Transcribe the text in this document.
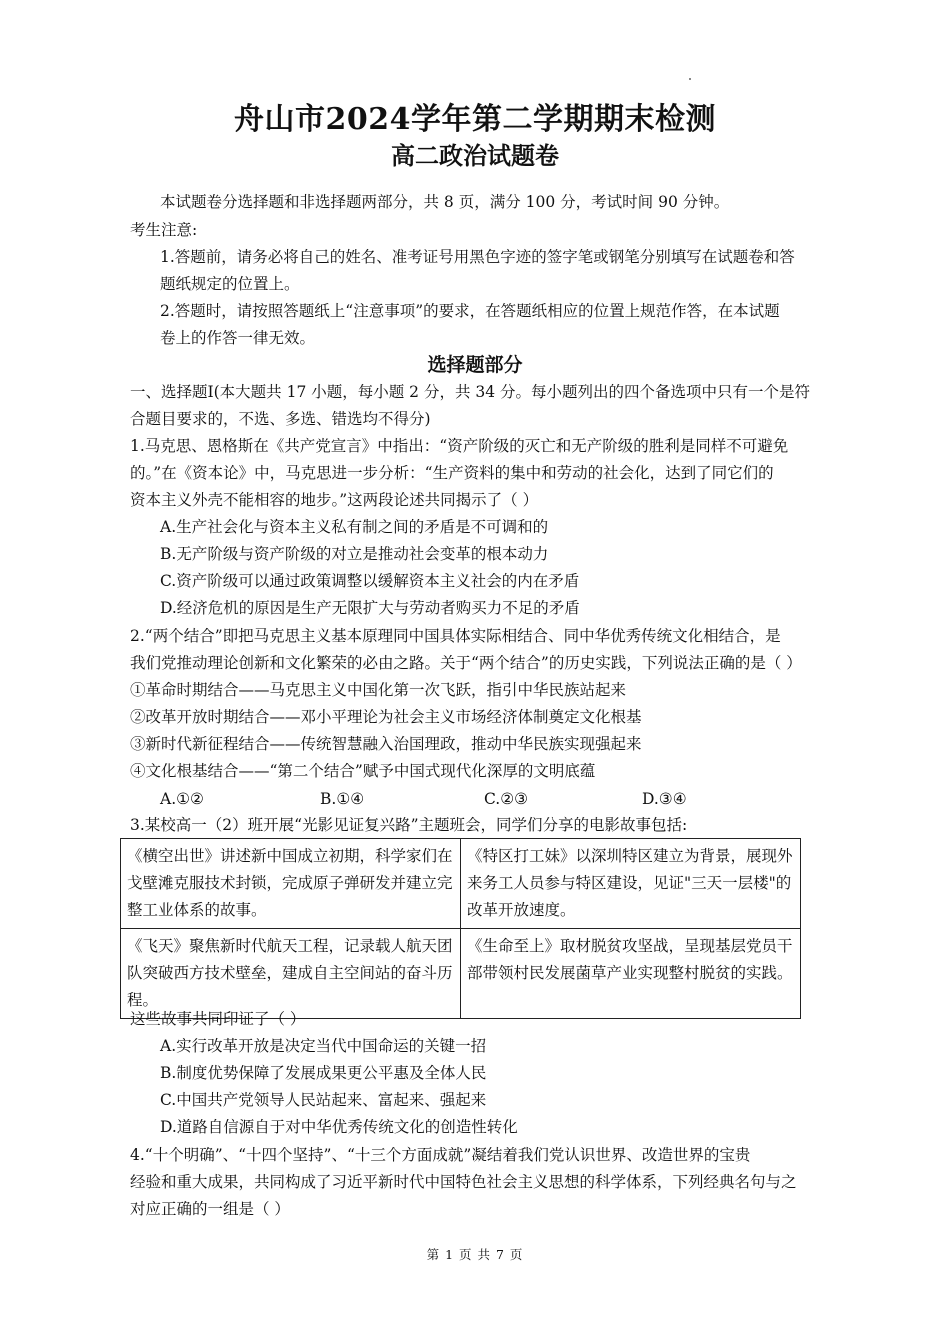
舟山市2024学年第二学期期末检测
高二政治试题卷
本试题卷分选择题和非选择题两部分，共 8 页，满分 100 分，考试时间 90 分钟。
考生注意:
1.答题前，请务必将自己的姓名、准考证号用黑色字迹的签字笔或钢笔分别填写在试题卷和答
题纸规定的位置上。
2.答题时，请按照答题纸上“注意事项”的要求，在答题纸相应的位置上规范作答，在本试题
卷上的作答一律无效。
选择题部分
一、选择题Ⅰ(本大题共 17 小题，每小题 2 分，共 34 分。每小题列出的四个备选项中只有一个是符
合题目要求的，不选、多选、错选均不得分)
1.马克思、恩格斯在《共产党宣言》中指出：“资产阶级的灭亡和无产阶级的胜利是同样不可避免
的。”在《资本论》中，马克思进一步分析：“生产资料的集中和劳动的社会化，达到了同它们的
资本主义外壳不能相容的地步。”这两段论述共同揭示了（ ）
A.生产社会化与资本主义私有制之间的矛盾是不可调和的
B.无产阶级与资产阶级的对立是推动社会变革的根本动力
C.资产阶级可以通过政策调整以缓解资本主义社会的内在矛盾
D.经济危机的原因是生产无限扩大与劳动者购买力不足的矛盾
2.“两个结合”即把马克思主义基本原理同中国具体实际相结合、同中华优秀传统文化相结合，是
我们党推动理论创新和文化繁荣的必由之路。关于“两个结合”的历史实践，下列说法正确的是（ ）
①革命时期结合——马克思主义中国化第一次飞跃，指引中华民族站起来
②改革开放时期结合——邓小平理论为社会主义市场经济体制奠定文化根基
③新时代新征程结合——传统智慧融入治国理政，推动中华民族实现强起来
④文化根基结合——“第二个结合”赋予中国式现代化深厚的文明底蕴
A.①②	B.①④	C.②③	D.③④
3.某校高一（2）班开展“光影见证复兴路”主题班会，同学们分享的电影故事包括:
《横空出世》讲述新中国成立初期，科学家们在戈壁滩克服技术封锁，完成原子弹研发并建立完整工业体系的故事。	《特区打工妹》以深圳特区建立为背景，展现外来务工人员参与特区建设，见证"三天一层楼"的改革开放速度。
《飞天》聚焦新时代航天工程，记录载人航天团队突破西方技术壁垒，建成自主空间站的奋斗历程。	《生命至上》取材脱贫攻坚战，呈现基层党员干部带领村民发展菌草产业实现整村脱贫的实践。
这些故事共同印证了（ ）
A.实行改革开放是决定当代中国命运的关键一招
B.制度优势保障了发展成果更公平惠及全体人民
C.中国共产党领导人民站起来、富起来、强起来
D.道路自信源自于对中华优秀传统文化的创造性转化
4.“十个明确”、“十四个坚持”、“十三个方面成就”凝结着我们党认识世界、改造世界的宝贵
经验和重大成果，共同构成了习近平新时代中国特色社会主义思想的科学体系，下列经典名句与之
对应正确的一组是（ ）
第 1 页 共 7 页
